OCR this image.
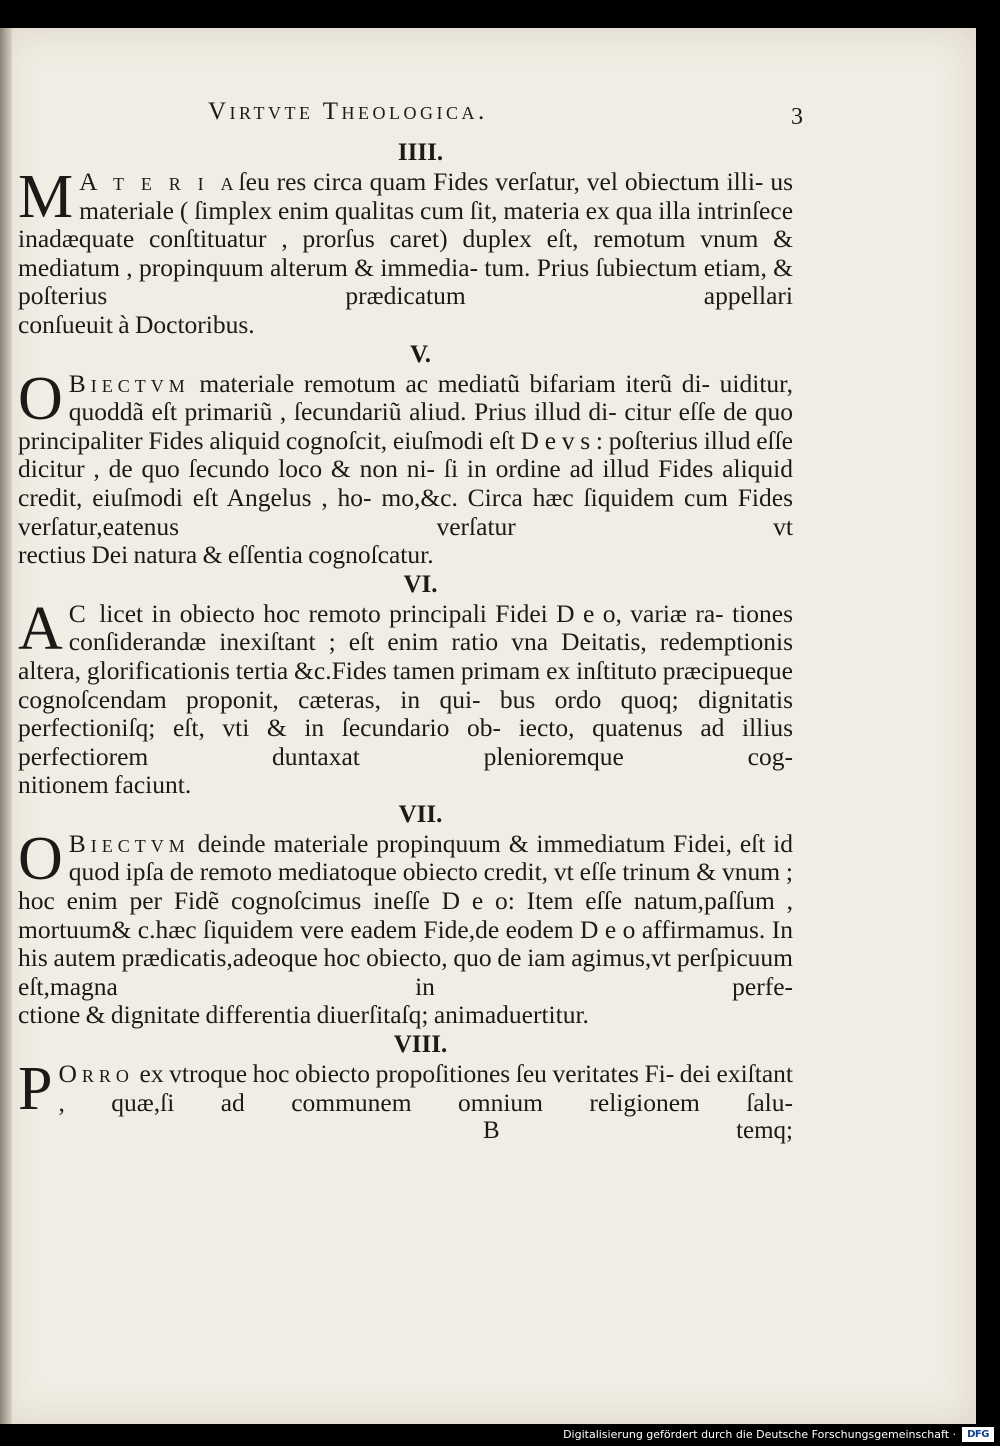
Virtvte Theologica.	3
IIII.
M A t e r i aſeu res circa quam Fides verſatur, vel obiectum illi- us materiale ( ſimplex enim qualitas cum ſit, materia ex qua illa intrinſece inadæquate conſtituatur , prorſus caret) duplex eſt, remotum vnum & mediatum , propinquum alterum & immedia- tum. Prius ſubiectum etiam, & poſterius prædicatum appellari
conſueuit à Doctoribus.
V.
O Biectvm materiale remotum ac mediatũ bifariam iterũ di- uiditur, quoddã eſt primariũ , ſecundariũ aliud. Prius illud di- citur eſſe de quo principaliter Fides aliquid cognoſcit, eiuſmodi eſt D e v s : poſterius illud eſſe dicitur , de quo ſecundo loco & non ni- ſi in ordine ad illud Fides aliquid credit, eiuſmodi eſt Angelus , ho- mo,&c. Circa hæc ſiquidem cum Fides verſatur,eatenus verſatur vt
rectius Dei natura & eſſentia cognoſcatur.
VI.
A C licet in obiecto hoc remoto principali Fidei D e o, variæ ra- tiones conſiderandæ inexiſtant ; eſt enim ratio vna Deitatis, redemptionis altera, glorificationis tertia &c.Fides tamen primam ex inſtituto præcipueque cognoſcendam proponit, cæteras, in qui- bus ordo quoq; dignitatis perfectioniſq; eſt, vti & in ſecundario ob- iecto, quatenus ad illius perfectiorem duntaxat plenioremque cog-
nitionem faciunt.
VII.
O Biectvm deinde materiale propinquum & immediatum Fidei, eſt id quod ipſa de remoto mediatoque obiecto credit, vt eſſe trinum & vnum ; hoc enim per Fidẽ cognoſcimus ineſſe D e o: Item eſſe natum,paſſum , mortuum& c.hæc ſiquidem vere eadem Fide,de eodem D e o affirmamus. In his autem prædicatis,adeoque hoc obiecto, quo de iam agimus,vt perſpicuum eſt,magna in perfe-
ctione & dignitate differentia diuerſitaſq; animaduertitur.
VIII.
P Orro ex vtroque hoc obiecto propoſitiones ſeu veritates Fi- dei exiſtant , quæ,ſi ad communem omnium religionem ſalu-
B	temq;
Digitalisierung gefördert durch die Deutsche Forschungsgemeinschaft ·	DFG
